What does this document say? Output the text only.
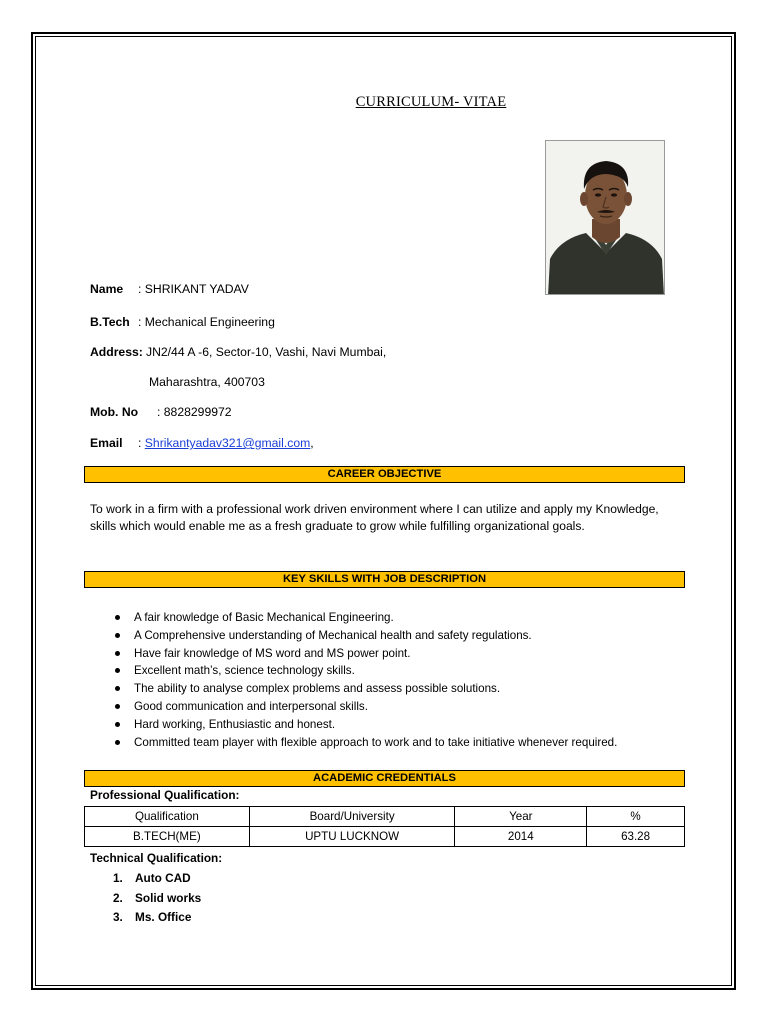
CURRICULUM- VITAE
Name : SHRIKANT YADAV
B.Tech : Mechanical Engineering
Address: JN2/44 A -6, Sector-10, Vashi, Navi Mumbai,
Maharashtra, 400703
Mob. No : 8828299972
Email : Shrikantyadav321@gmail.com,
CAREER OBJECTIVE
To work in a firm with a professional work driven environment where I can utilize and apply my Knowledge, skills which would enable me as a fresh graduate to grow while fulfilling organizational goals.
KEY SKILLS WITH JOB DESCRIPTION
A fair knowledge of Basic Mechanical Engineering.
A Comprehensive understanding of Mechanical health and safety regulations.
Have fair knowledge of MS word and MS power point.
Excellent math’s, science technology skills.
The ability to analyse complex problems and assess possible solutions.
Good communication and interpersonal skills.
Hard working, Enthusiastic and honest.
Committed team player with flexible approach to work and to take initiative whenever required.
ACADEMIC CREDENTIALS
Professional Qualification:
Qualification	Board/University	Year	%
B.TECH(ME)	UPTU LUCKNOW	2014	63.28
Technical Qualification:
1. Auto CAD
2. Solid works
3. Ms. Office
